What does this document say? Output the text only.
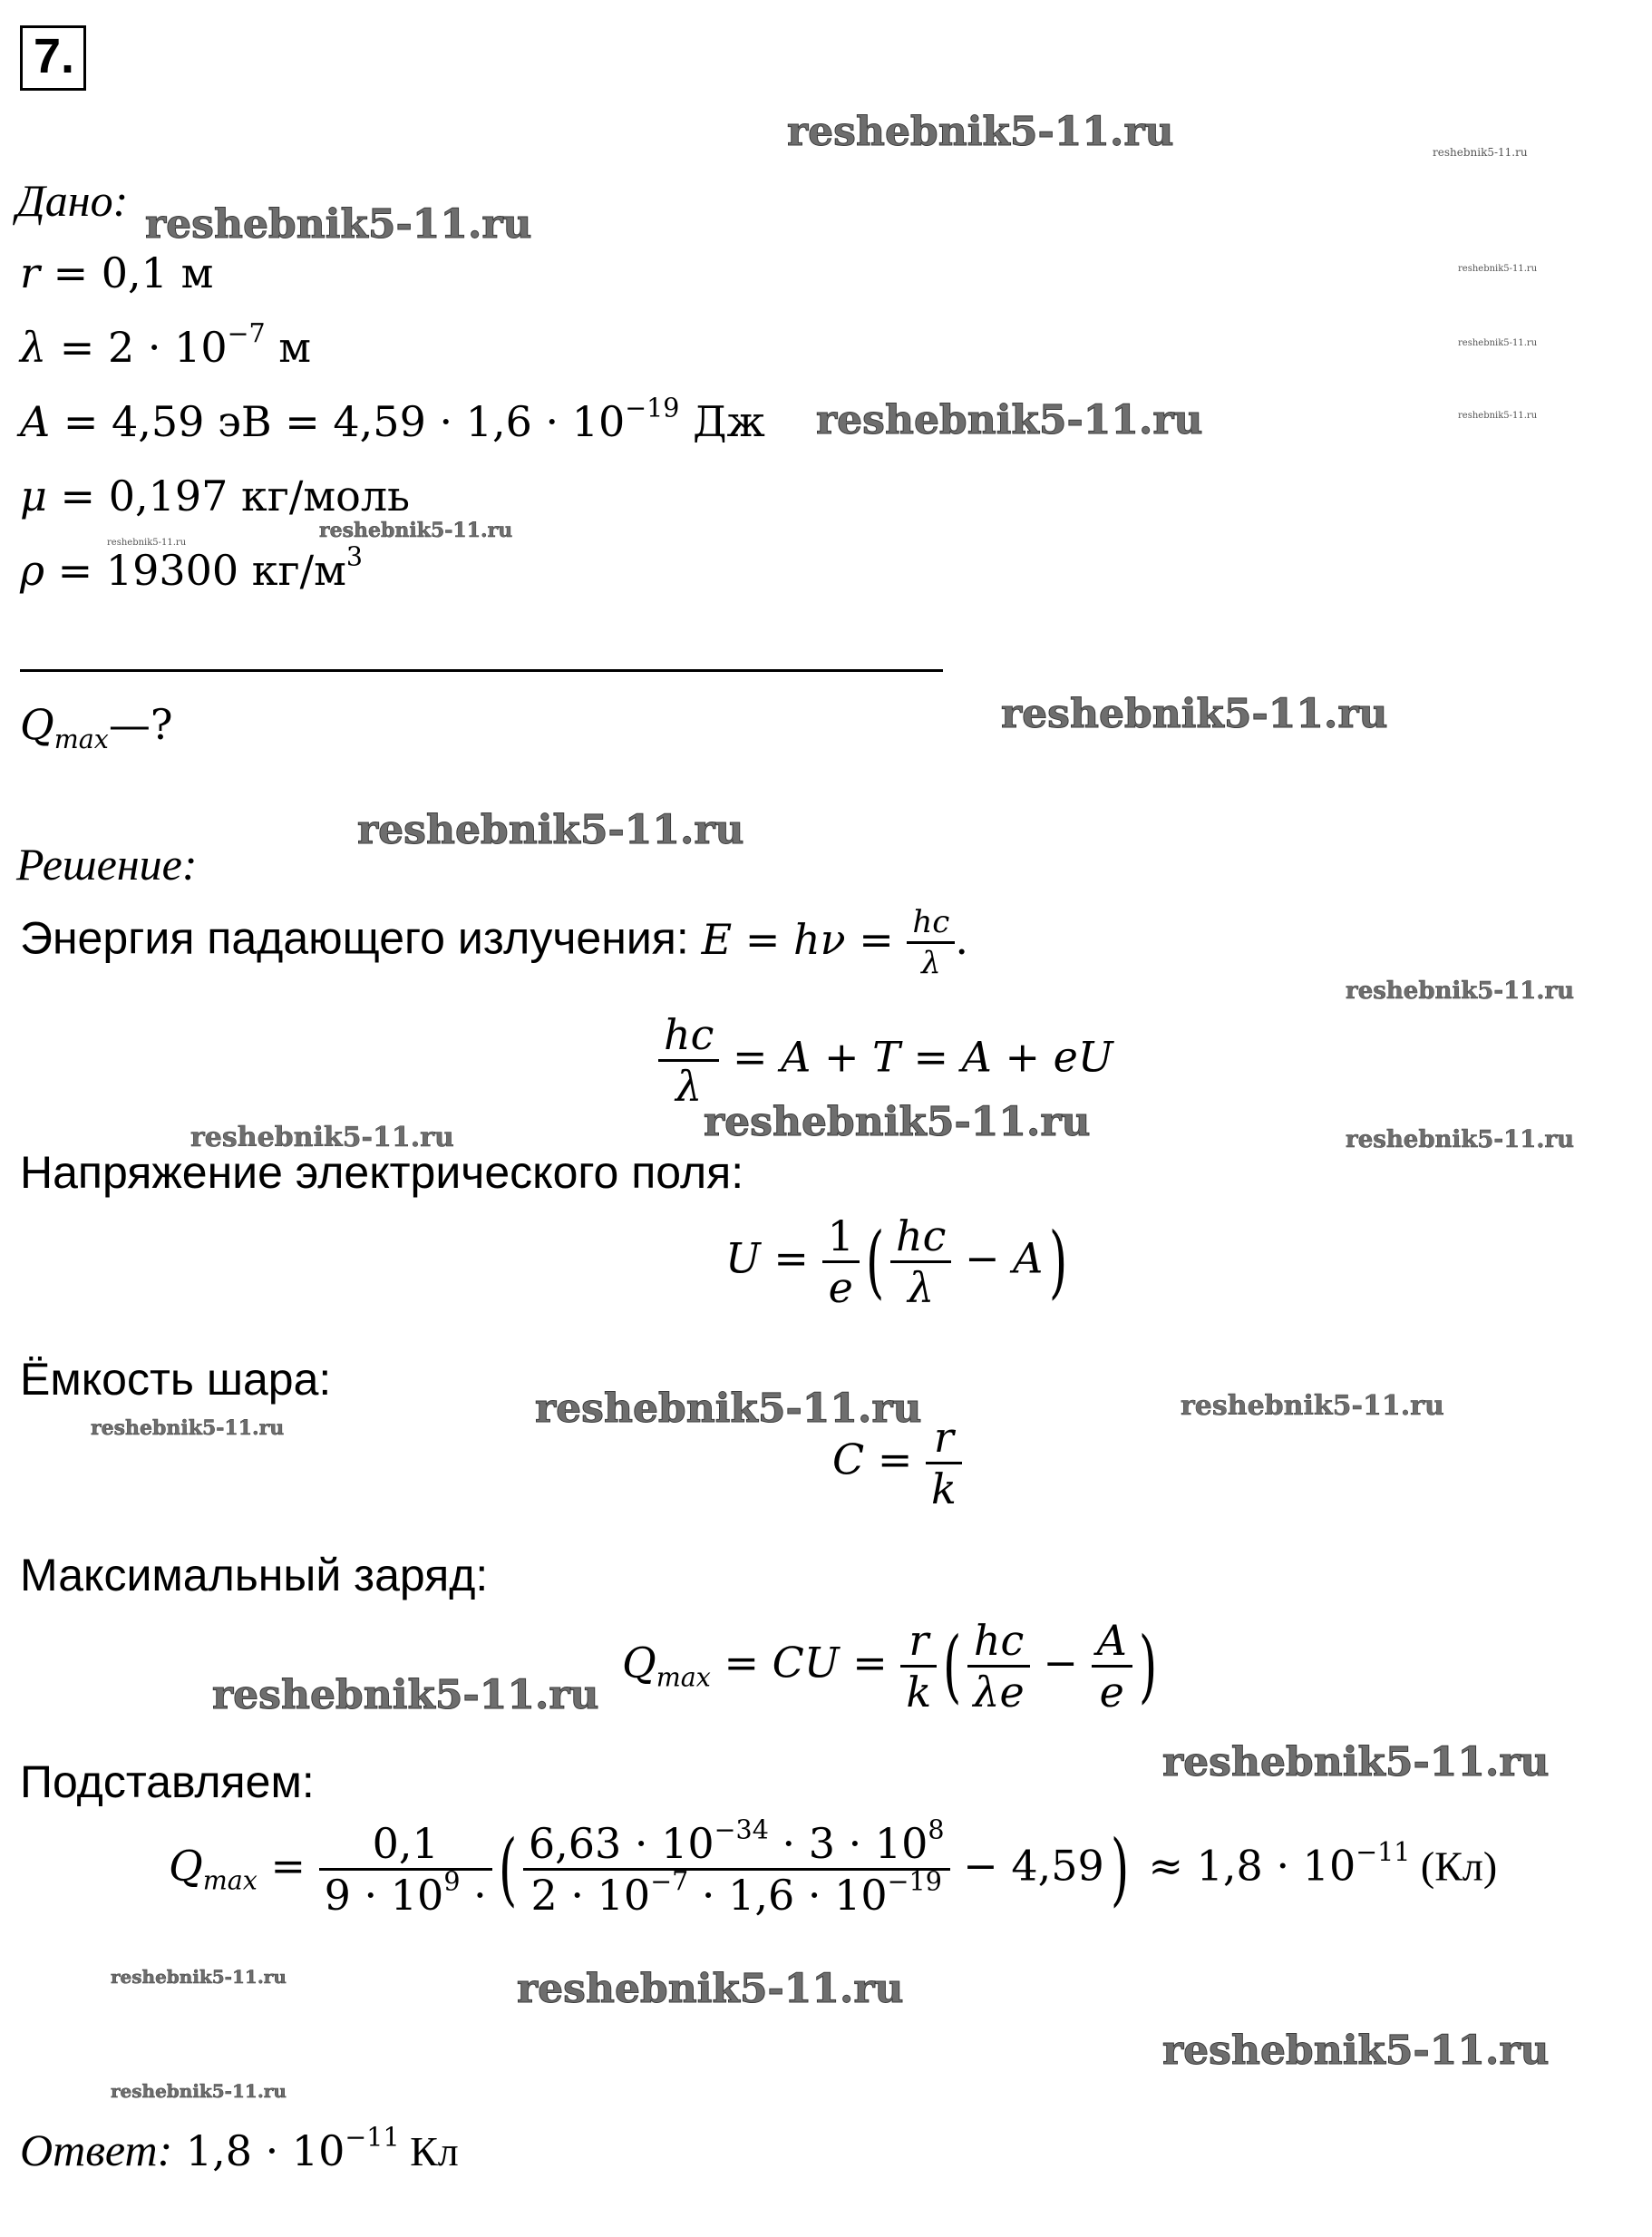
7.
Дано:
r = 0,1 м
$\lambda = 2 \cdot 10^{-7}$ м
A = 4,59 эВ = $4,59 \cdot 1,6 \cdot 10^{-19}$ Дж
μ = 0,197 кг/моль
ρ = 19300 $кг/м^3$
$Q_{max}—$?
Решение:
Энергия падающего излучения: $E = h\nu = \frac{hc}{\lambda}$ .
$\frac{hc}{\lambda} = A + T = A$ + eU
Напряжение электрического поля:
$U = \frac{1}{e}$ ( $\frac{hc}{\lambda} - A$)
Ёмкость шара:
$C = \frac{r}{k}$
Максимальный заряд:
$Q_{max}$ = CU = $\frac{r}{k}$ ( $\frac{hc}{\lambda e} - \frac{A}{e}$ )
Подставляем:
$Q_{max} = \frac{0,1}{9 \cdot 10^9 \cdot}$ ( $\frac{6,63 \cdot 10^{-34} \cdot 3 \cdot 10^8}{2 \cdot 10^{-7} \cdot 1,6 \cdot 10^{-19}} - 4,59) \approx 1,8 \cdot 10^{-11}$ (Кл)
Ответ: $1,8 \cdot 10^{-11}$ Кл
reshebnik5-11.ru	reshebnik5-11.ru
reshebnik5-11.ru
reshebnik5-11.ru
reshebnik5-11.ru
reshebnik5-11.ru
reshebnik5-11.ru
reshebnik5-11.ru
reshebnik5-11.ru
reshebnik5-11.ru
reshebnik5-11.ru
reshebnik5-11.ru
reshebnik5-11.ru
reshebnik5-11.ru	reshebnik5-11.ru
reshebnik5-11.ru	reshebnik5-11.ru
reshebnik5-11.ru
reshebnik5-11.ru
reshebnik5-11.ru
reshebnik5-11.ru	reshebnik5-11.ru
reshebnik5-11.ru
reshebnik5-11.ru
